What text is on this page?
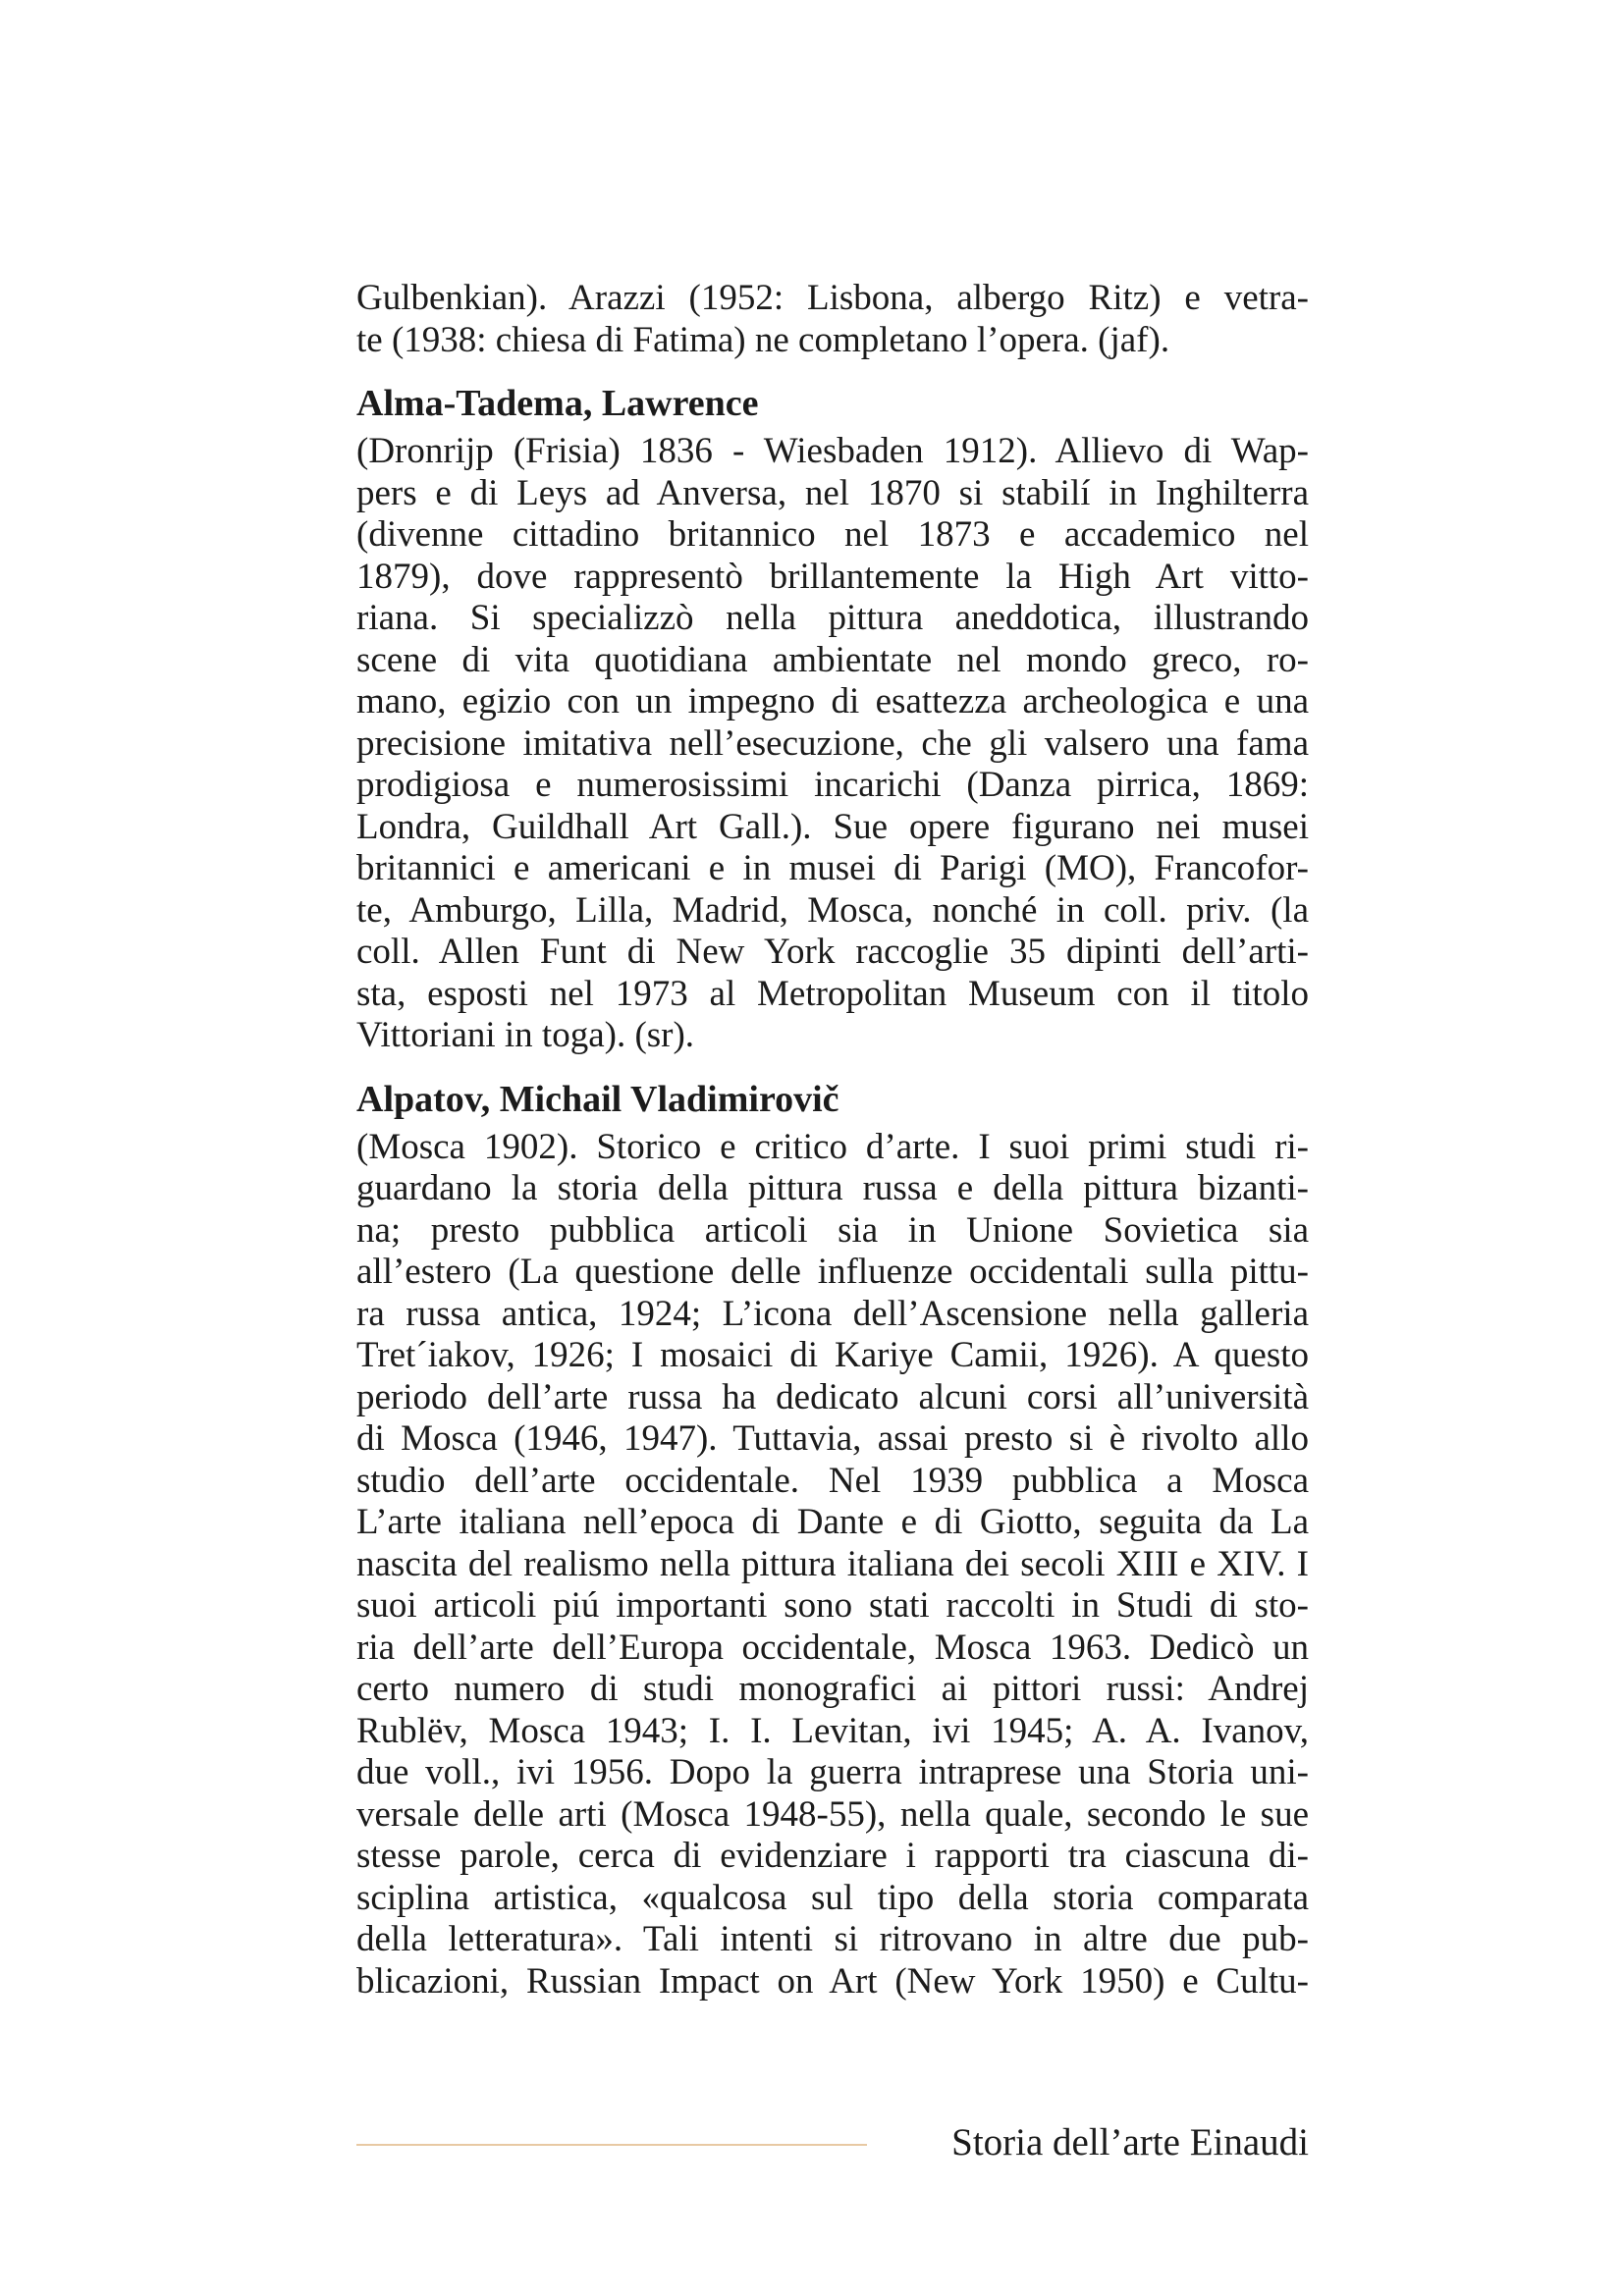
Gulbenkian). Arazzi (1952: Lisbona, albergo Ritz) e vetra-
te (1938: chiesa di Fatima) ne completano l’opera. (jaf).
Alma-Tadema, Lawrence
(Dronrijp (Frisia) 1836 - Wiesbaden 1912). Allievo di Wap-
pers e di Leys ad Anversa, nel 1870 si stabilí in Inghilterra
(divenne cittadino britannico nel 1873 e accademico nel
1879), dove rappresentò brillantemente la High Art vitto-
riana. Si specializzò nella pittura aneddotica, illustrando
scene di vita quotidiana ambientate nel mondo greco, ro-
mano, egizio con un impegno di esattezza archeologica e una
precisione imitativa nell’esecuzione, che gli valsero una fama
prodigiosa e numerosissimi incarichi (Danza pirrica, 1869:
Londra, Guildhall Art Gall.). Sue opere figurano nei musei
britannici e americani e in musei di Parigi (MO), Francofor-
te, Amburgo, Lilla, Madrid, Mosca, nonché in coll. priv. (la
coll. Allen Funt di New York raccoglie 35 dipinti dell’arti-
sta, esposti nel 1973 al Metropolitan Museum con il titolo
Vittoriani in toga). (sr).
Alpatov, Michail Vladimirovič
(Mosca 1902). Storico e critico d’arte. I suoi primi studi ri-
guardano la storia della pittura russa e della pittura bizanti-
na; presto pubblica articoli sia in Unione Sovietica sia
all’estero (La questione delle influenze occidentali sulla pittu-
ra russa antica, 1924; L’icona dell’Ascensione nella galleria
Tret´iakov, 1926; I mosaici di Kariye Camii, 1926). A questo
periodo dell’arte russa ha dedicato alcuni corsi all’università
di Mosca (1946, 1947). Tuttavia, assai presto si è rivolto allo
studio dell’arte occidentale. Nel 1939 pubblica a Mosca
L’arte italiana nell’epoca di Dante e di Giotto, seguita da La
nascita del realismo nella pittura italiana dei secoli XIII e XIV. I
suoi articoli piú importanti sono stati raccolti in Studi di sto-
ria dell’arte dell’Europa occidentale, Mosca 1963. Dedicò un
certo numero di studi monografici ai pittori russi: Andrej
Rublëv, Mosca 1943; I. I. Levitan, ivi 1945; A. A. Ivanov,
due voll., ivi 1956. Dopo la guerra intraprese una Storia uni-
versale delle arti (Mosca 1948-55), nella quale, secondo le sue
stesse parole, cerca di evidenziare i rapporti tra ciascuna di-
sciplina artistica, «qualcosa sul tipo della storia comparata
della letteratura». Tali intenti si ritrovano in altre due pub-
blicazioni, Russian Impact on Art (New York 1950) e Cultu-
Storia dell’arte Einaudi
